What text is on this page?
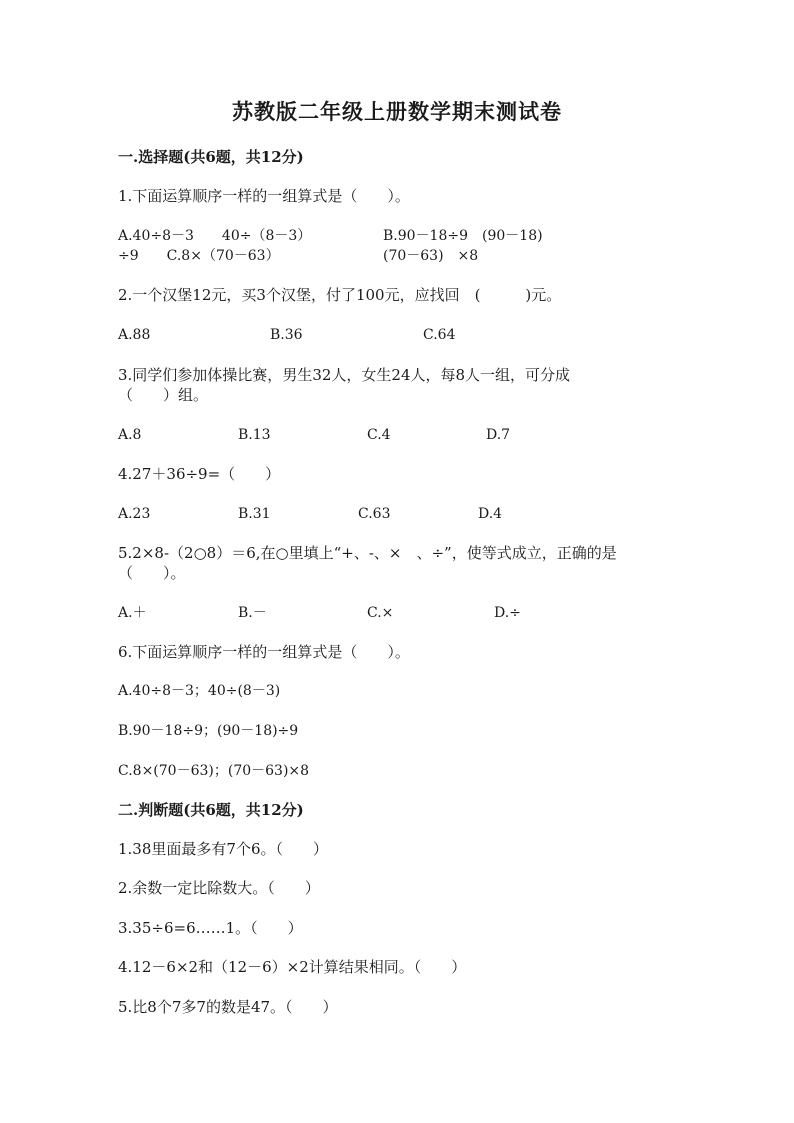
苏教版二年级上册数学期末测试卷
一.选择题(共6题，共12分)
1.下面运算顺序一样的一组算式是（　　）。
A.40÷8－3　　40÷（8－3）	B.90－18÷9　(90－18)
÷9　　C.8×（70－63）	(70－63)　×8
2.一个汉堡12元，买3个汉堡，付了100元，应找回　(　　　)元。
A.88	B.36	C.64
3.同学们参加体操比赛，男生32人，女生24人，每8人一组，可分成
（　　）组。
A.8	B.13	C.4	D.7
4.27＋36÷9=（　　）
A.23	B.31	C.63	D.4
5.2×8-（2○8）＝6,在○里填上“+、-、×　、÷”，使等式成立，正确的是
（　　）。
A.＋	B.－	C.×	D.÷
6.下面运算顺序一样的一组算式是（　　）。
A.40÷8－3；40÷(8－3)
B.90－18÷9；(90－18)÷9
C.8×(70－63)；(70－63)×8
二.判断题(共6题，共12分)
1.38里面最多有7个6。（　　）
2.余数一定比除数大。（　　）
3.35÷6=6……1。（　　）
4.12－6×2和（12－6）×2计算结果相同。（　　）
5.比8个7多7的数是47。（　　）
